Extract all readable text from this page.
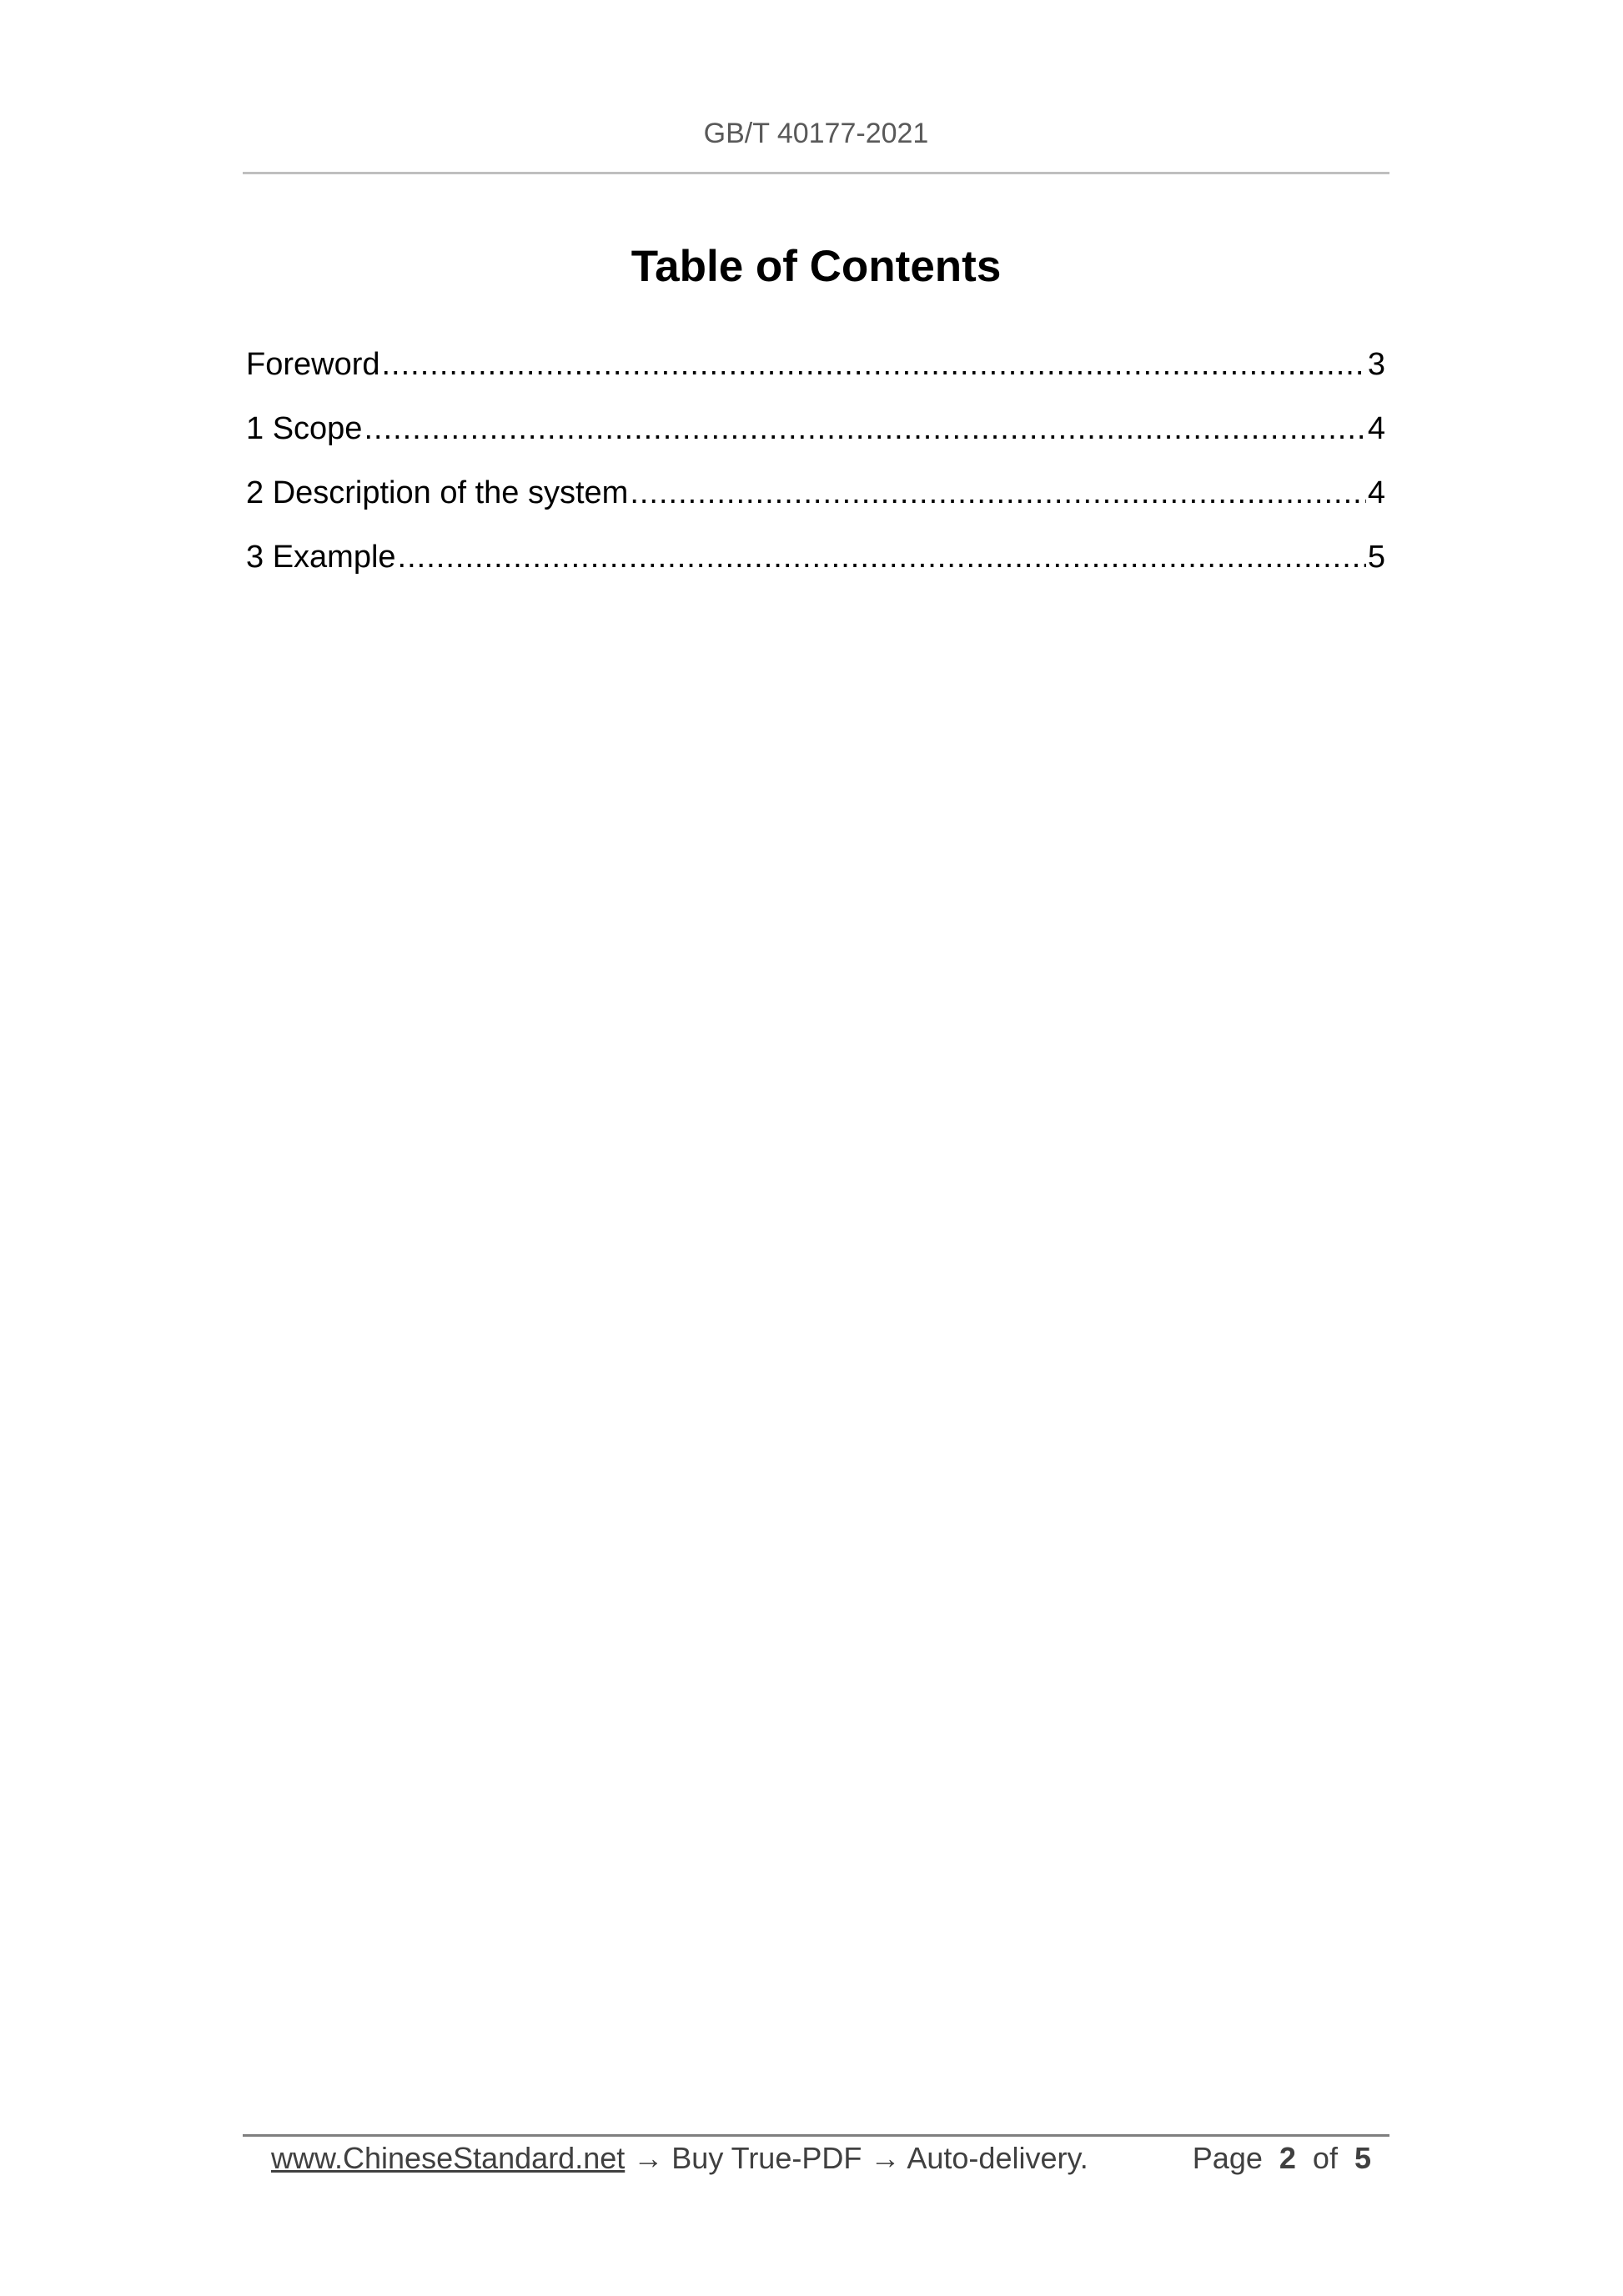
GB/T 40177-2021
Table of Contents
Foreword .....	3
1 Scope .....	4
2 Description of the system .....	4
3 Example .....	5
www.ChineseStandard.net → Buy True-PDF → Auto-delivery.	Page 2 of 5
